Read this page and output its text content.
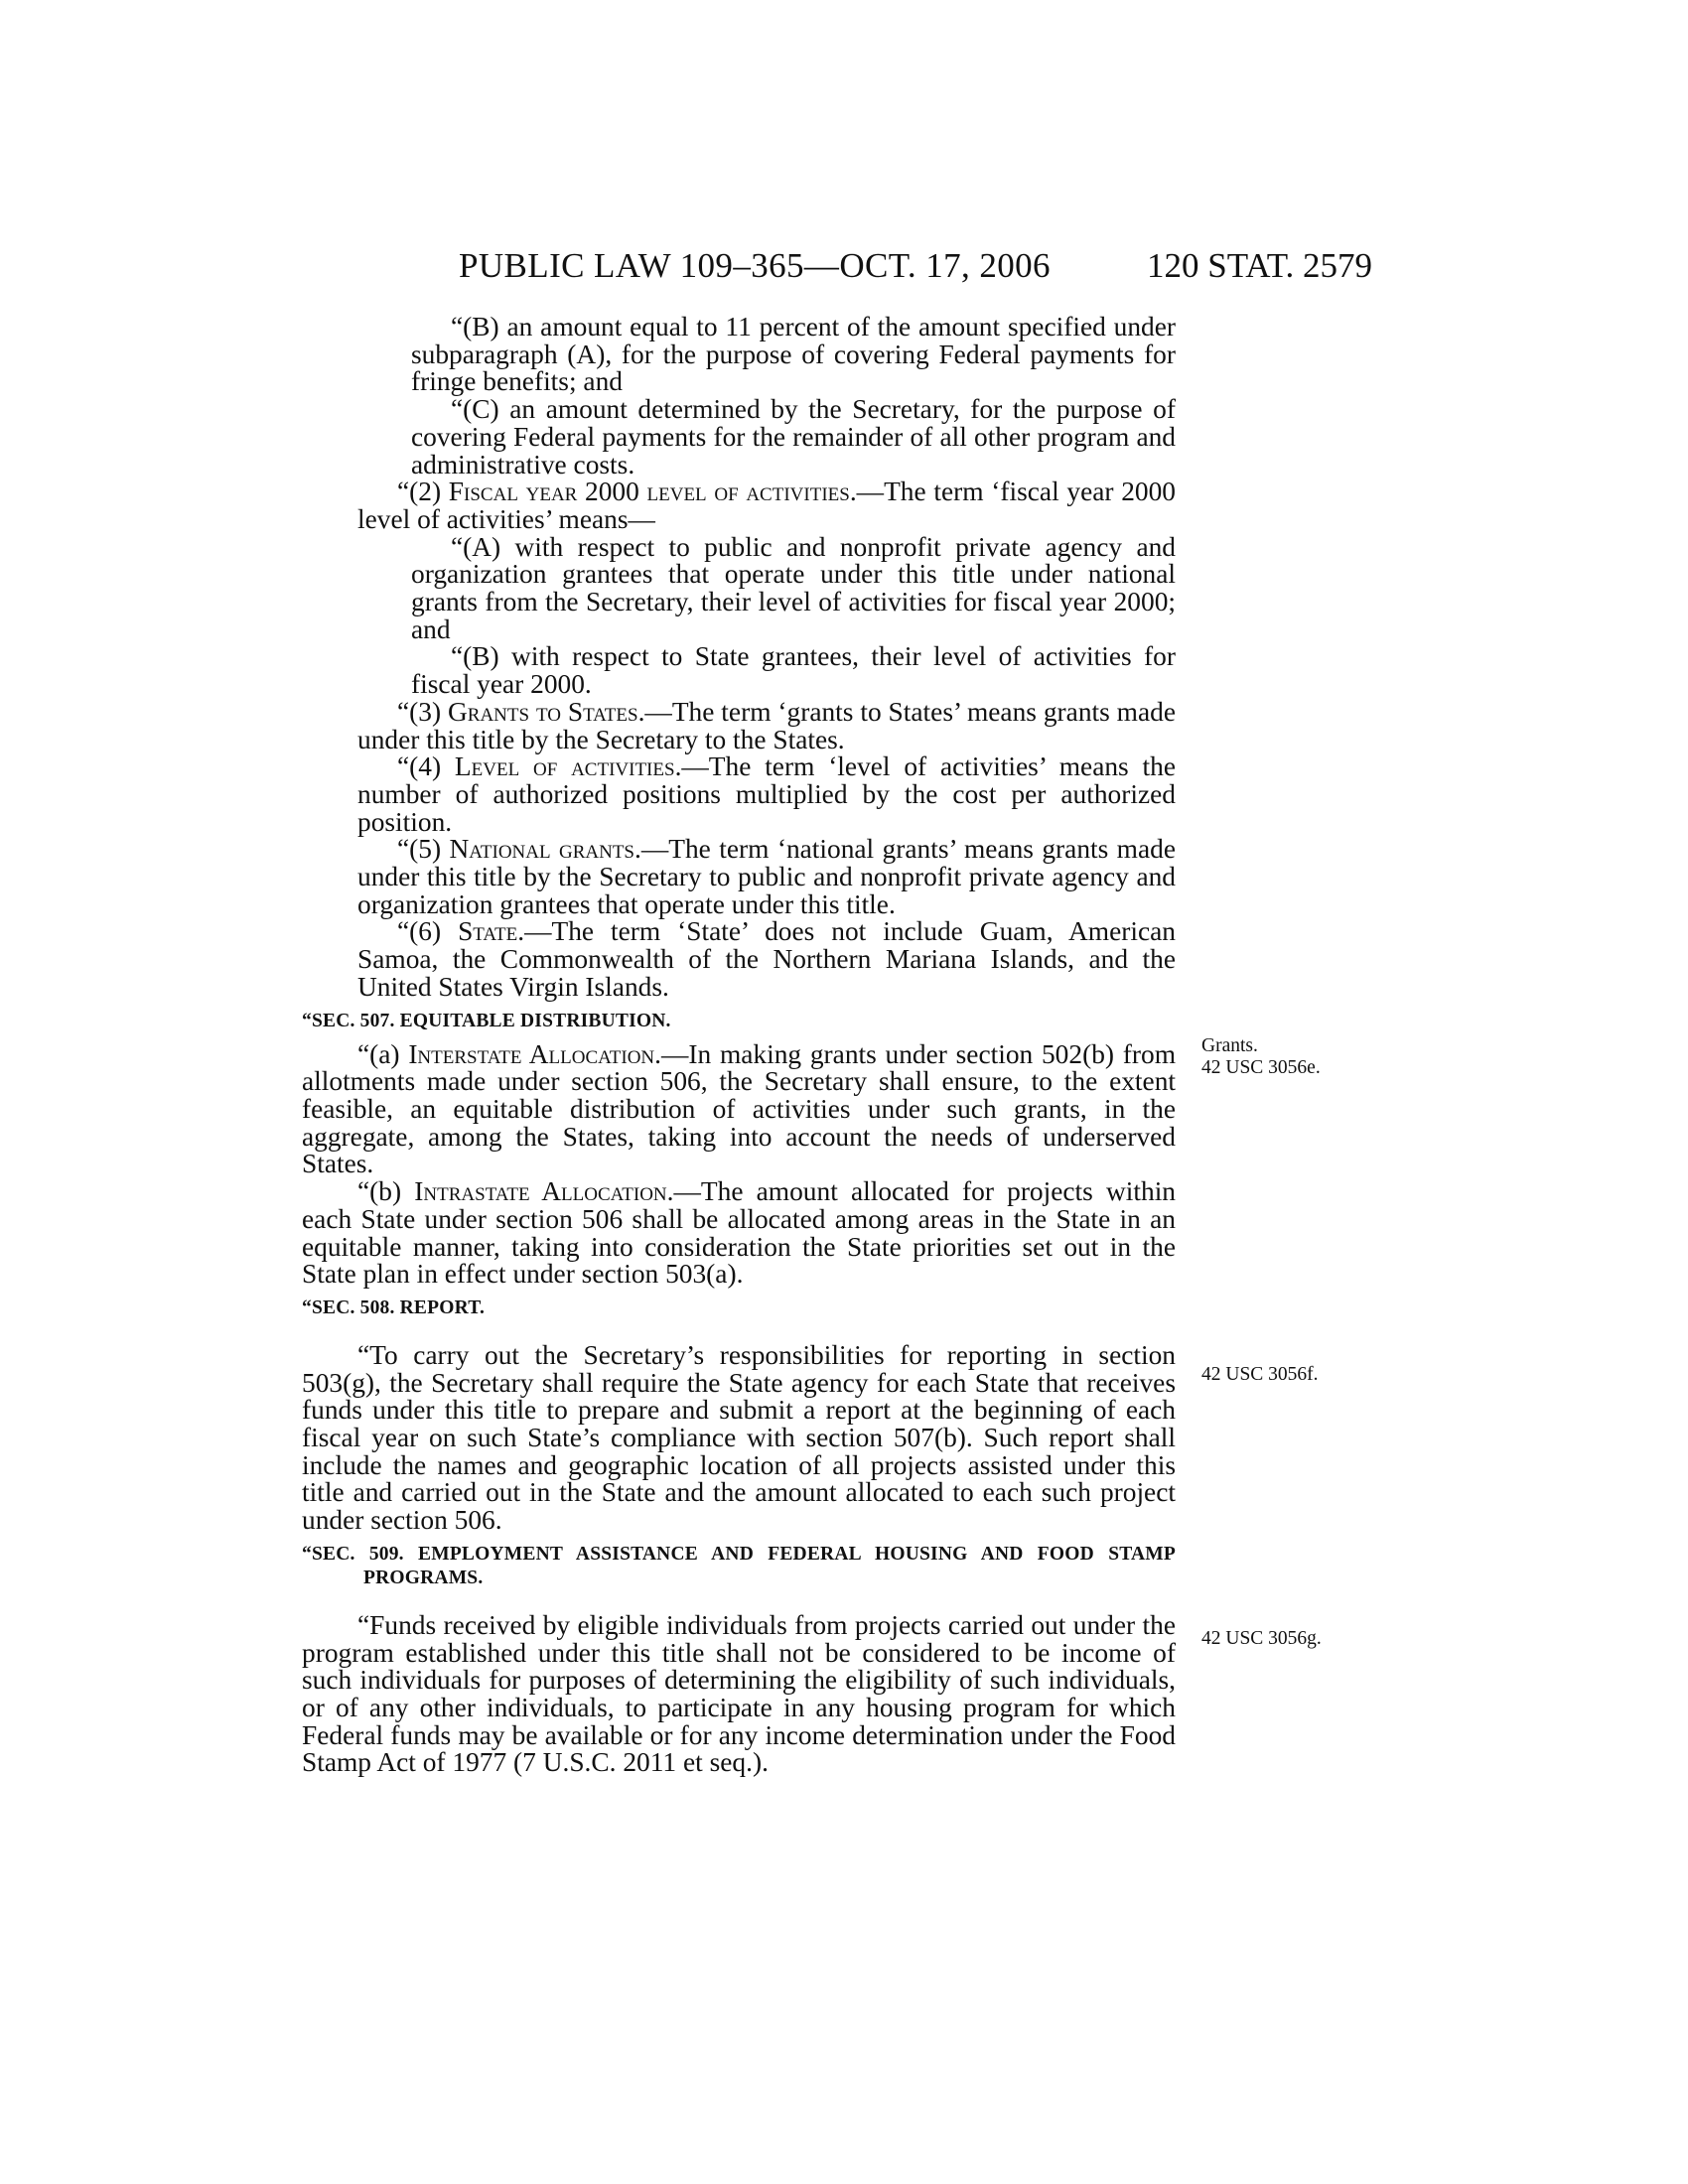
PUBLIC LAW 109–365—OCT. 17, 2006	120 STAT. 2579

“(B) an amount equal to 11 percent of the amount specified under subparagraph (A), for the purpose of covering Federal payments for fringe benefits; and

“(C) an amount determined by the Secretary, for the purpose of covering Federal payments for the remainder of all other program and administrative costs.

“(2) Fiscal year 2000 level of activities.—The term ‘fiscal year 2000 level of activities’ means—

“(A) with respect to public and nonprofit private agency and organization grantees that operate under this title under national grants from the Secretary, their level of activities for fiscal year 2000; and

“(B) with respect to State grantees, their level of activities for fiscal year 2000.

“(3) Grants to States.—The term ‘grants to States’ means grants made under this title by the Secretary to the States.

“(4) Level of activities.—The term ‘level of activities’ means the number of authorized positions multiplied by the cost per authorized position.

“(5) National grants.—The term ‘national grants’ means grants made under this title by the Secretary to public and nonprofit private agency and organization grantees that operate under this title.

“(6) State.—The term ‘State’ does not include Guam, American Samoa, the Commonwealth of the Northern Mariana Islands, and the United States Virgin Islands.

“SEC. 507. EQUITABLE DISTRIBUTION.

“(a) Interstate Allocation.—In making grants under section 502(b) from allotments made under section 506, the Secretary shall ensure, to the extent feasible, an equitable distribution of activities under such grants, in the aggregate, among the States, taking into account the needs of underserved States.

“(b) Intrastate Allocation.—The amount allocated for projects within each State under section 506 shall be allocated among areas in the State in an equitable manner, taking into consideration the State priorities set out in the State plan in effect under section 503(a).

“SEC. 508. REPORT.

“To carry out the Secretary’s responsibilities for reporting in section 503(g), the Secretary shall require the State agency for each State that receives funds under this title to prepare and submit a report at the beginning of each fiscal year on such State’s compliance with section 507(b). Such report shall include the names and geographic location of all projects assisted under this title and carried out in the State and the amount allocated to each such project under section 506.

“SEC. 509. EMPLOYMENT ASSISTANCE AND FEDERAL HOUSING AND FOOD STAMP PROGRAMS.

“Funds received by eligible individuals from projects carried out under the program established under this title shall not be considered to be income of such individuals for purposes of determining the eligibility of such individuals, or of any other individuals, to participate in any housing program for which Federal funds may be available or for any income determination under the Food Stamp Act of 1977 (7 U.S.C. 2011 et seq.).

Grants.
42 USC 3056e.
42 USC 3056f.
42 USC 3056g.
